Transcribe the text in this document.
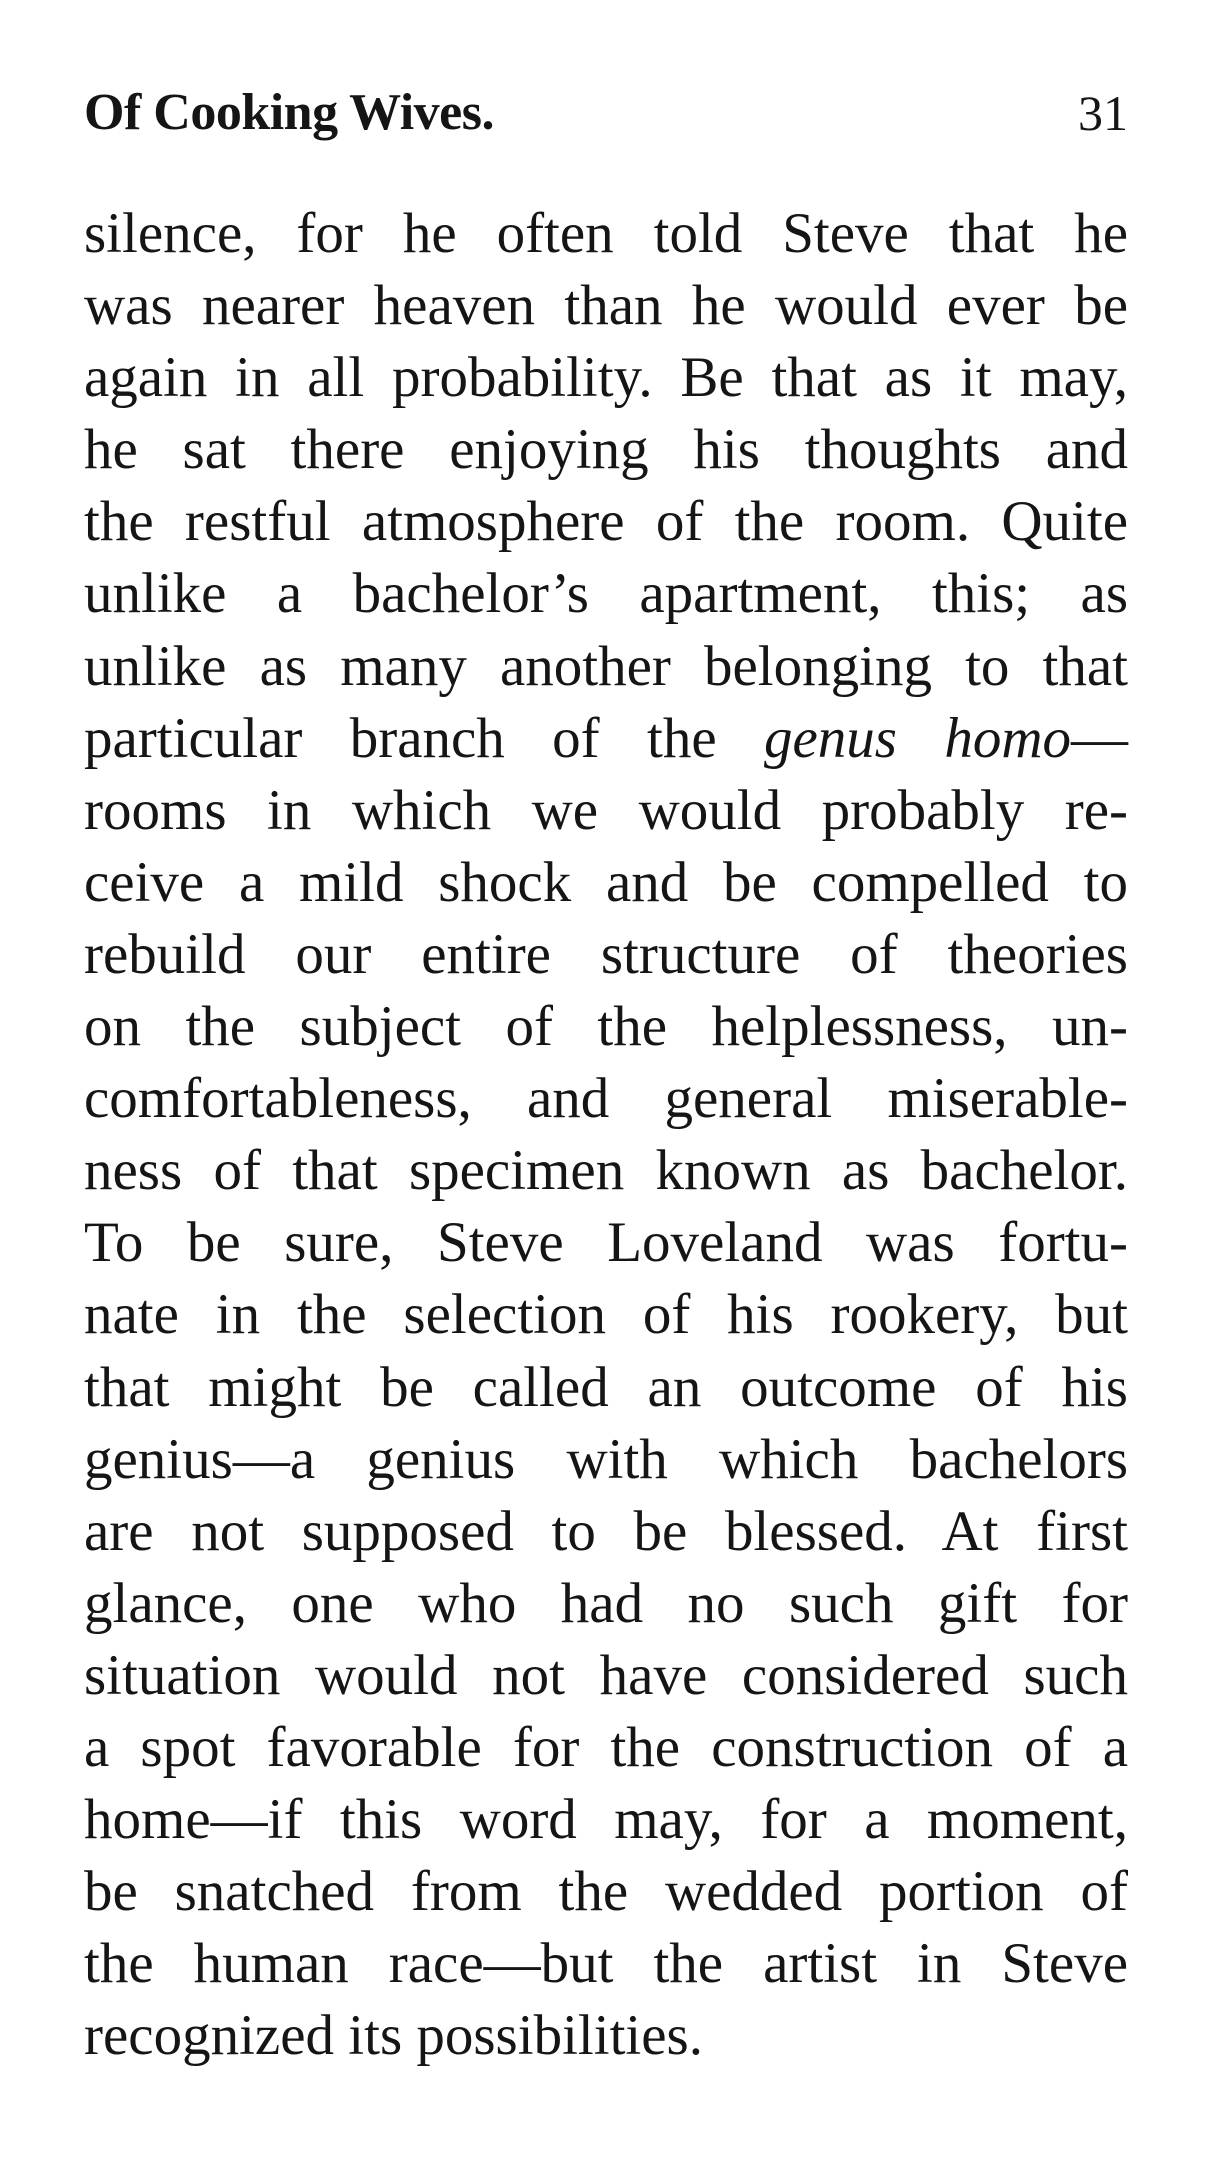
Of Cooking Wives.	31
silence, for he often told Steve that he
was nearer heaven than he would ever be
again in all probability. Be that as it may,
he sat there enjoying his thoughts and
the restful atmosphere of the room. Quite
unlike a bachelor’s apartment, this; as
unlike as many another belonging to that
particular branch of the genus homo—
rooms in which we would probably re-
ceive a mild shock and be compelled to
rebuild our entire structure of theories
on the subject of the helplessness, un-
comfortableness, and general miserable-
ness of that specimen known as bachelor.
To be sure, Steve Loveland was fortu-
nate in the selection of his rookery, but
that might be called an outcome of his
genius—a genius with which bachelors
are not supposed to be blessed. At first
glance, one who had no such gift for
situation would not have considered such
a spot favorable for the construction of a
home—if this word may, for a moment,
be snatched from the wedded portion of
the human race—but the artist in Steve
recognized its possibilities.
